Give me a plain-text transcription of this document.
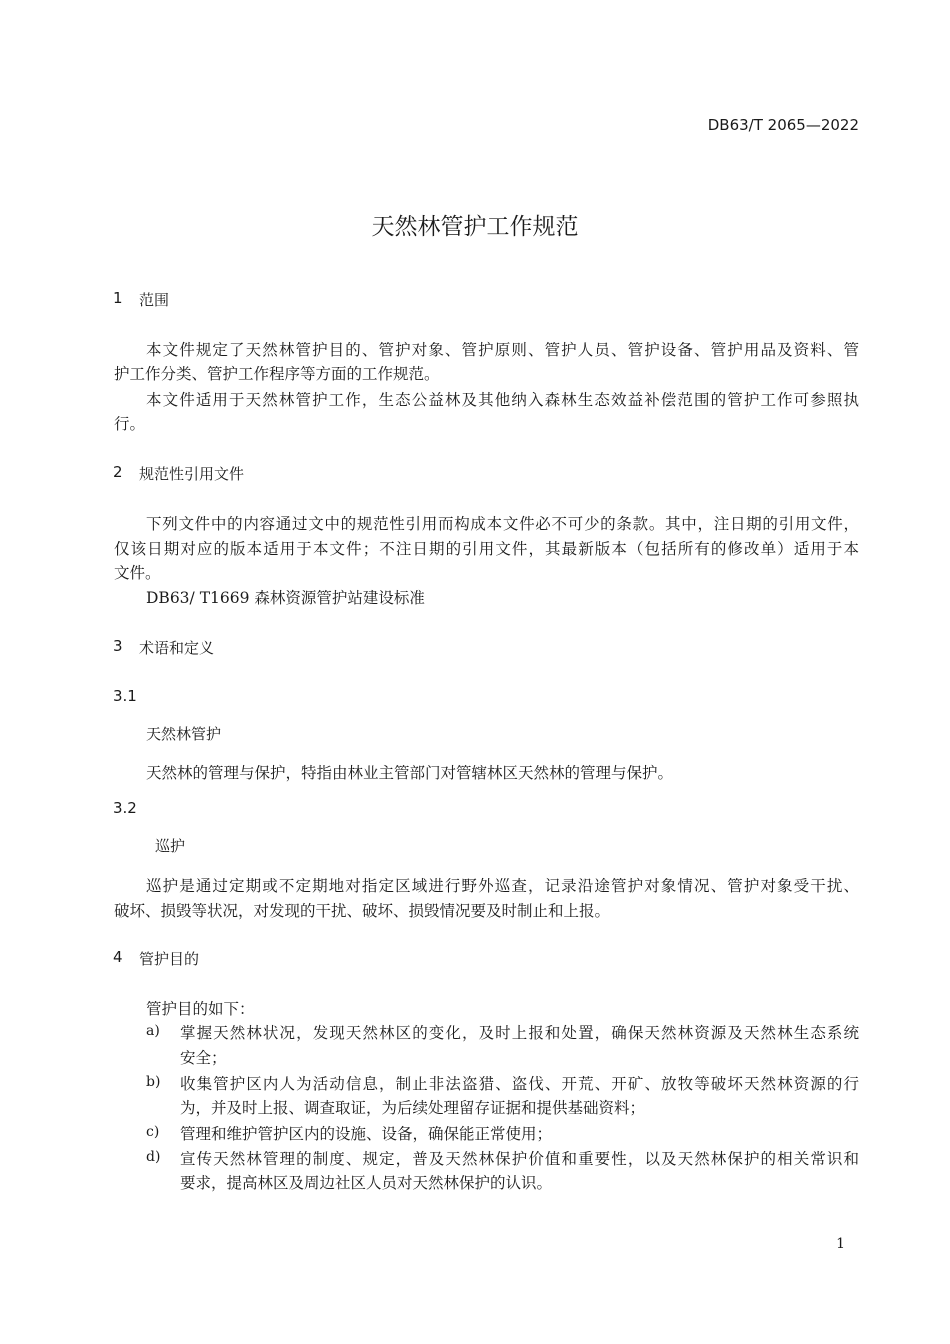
DB63/T 2065—2022
天然林管护工作规范
1 范围
本文件规定了天然林管护目的、管护对象、管护原则、管护人员、管护设备、管护用品及资料、管
护工作分类、管护工作程序等方面的工作规范。
本文件适用于天然林管护工作，生态公益林及其他纳入森林生态效益补偿范围的管护工作可参照执
行。
2 规范性引用文件
下列文件中的内容通过文中的规范性引用而构成本文件必不可少的条款。其中，注日期的引用文件，
仅该日期对应的版本适用于本文件；不注日期的引用文件，其最新版本（包括所有的修改单）适用于本
文件。
DB63/ T1669 森林资源管护站建设标准
3 术语和定义
3.1
天然林管护
天然林的管理与保护，特指由林业主管部门对管辖林区天然林的管理与保护。
3.2
巡护
巡护是通过定期或不定期地对指定区域进行野外巡查，记录沿途管护对象情况、管护对象受干扰、
破坏、损毁等状况，对发现的干扰、破坏、损毁情况要及时制止和上报。
4 管护目的
管护目的如下：
a) 掌握天然林状况，发现天然林区的变化，及时上报和处置，确保天然林资源及天然林生态系统
安全；
b) 收集管护区内人为活动信息，制止非法盗猎、盗伐、开荒、开矿、放牧等破坏天然林资源的行
为，并及时上报、调查取证，为后续处理留存证据和提供基础资料；
c) 管理和维护管护区内的设施、设备，确保能正常使用；
d) 宣传天然林管理的制度、规定，普及天然林保护价值和重要性，以及天然林保护的相关常识和
要求，提高林区及周边社区人员对天然林保护的认识。
1
